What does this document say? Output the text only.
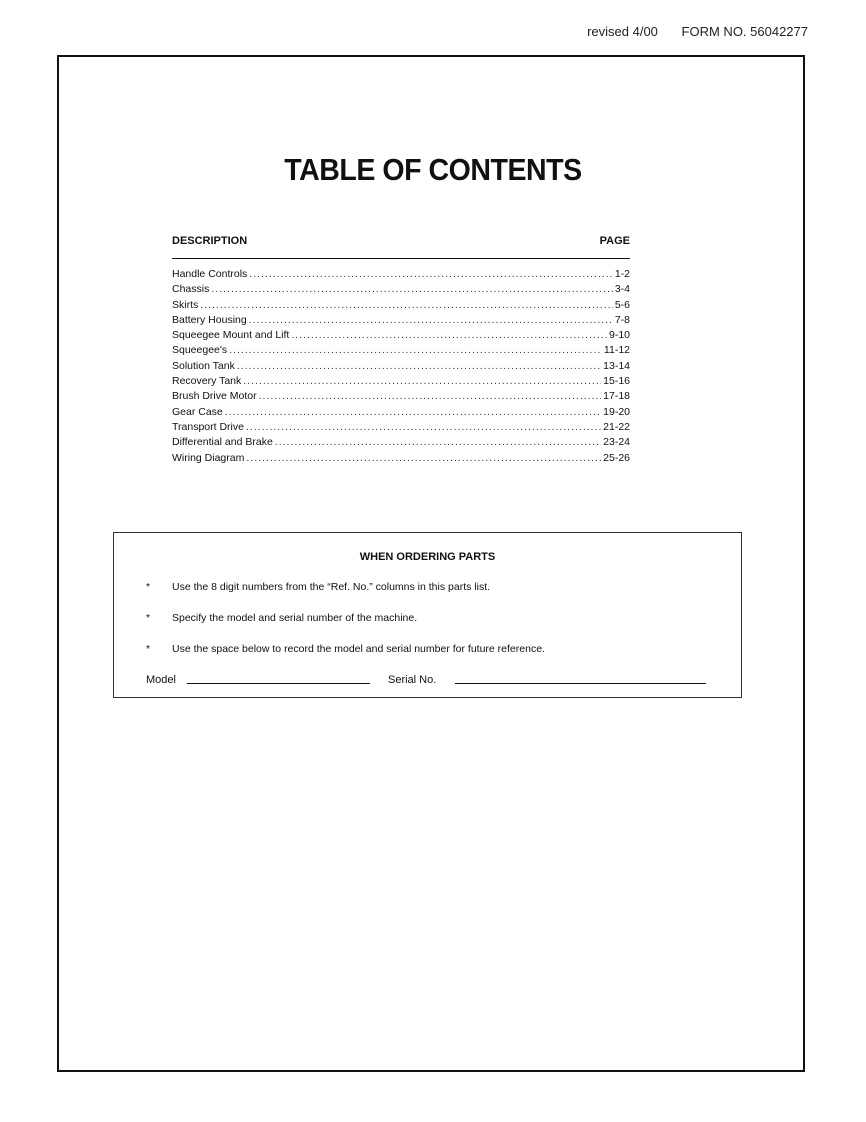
revised 4/00 FORM NO. 56042277
TABLE OF CONTENTS
DESCRIPTION	PAGE
Handle Controls .....	1-2
Chassis .....	3-4
Skirts .....	5-6
Battery Housing .....	7-8
Squeegee Mount and Lift .....	9-10
Squeegee's .....	11-12
Solution Tank .....	13-14
Recovery Tank .....	15-16
Brush Drive Motor .....	17-18
Gear Case .....	19-20
Transport Drive .....	21-22
Differential and Brake .....	23-24
Wiring Diagram .....	25-26
WHEN ORDERING PARTS
* Use the 8 digit numbers from the “Ref. No.” columns in this parts list.
* Specify the model and serial number of the machine.
* Use the space below to record the model and serial number for future reference.
Model	Serial No.
